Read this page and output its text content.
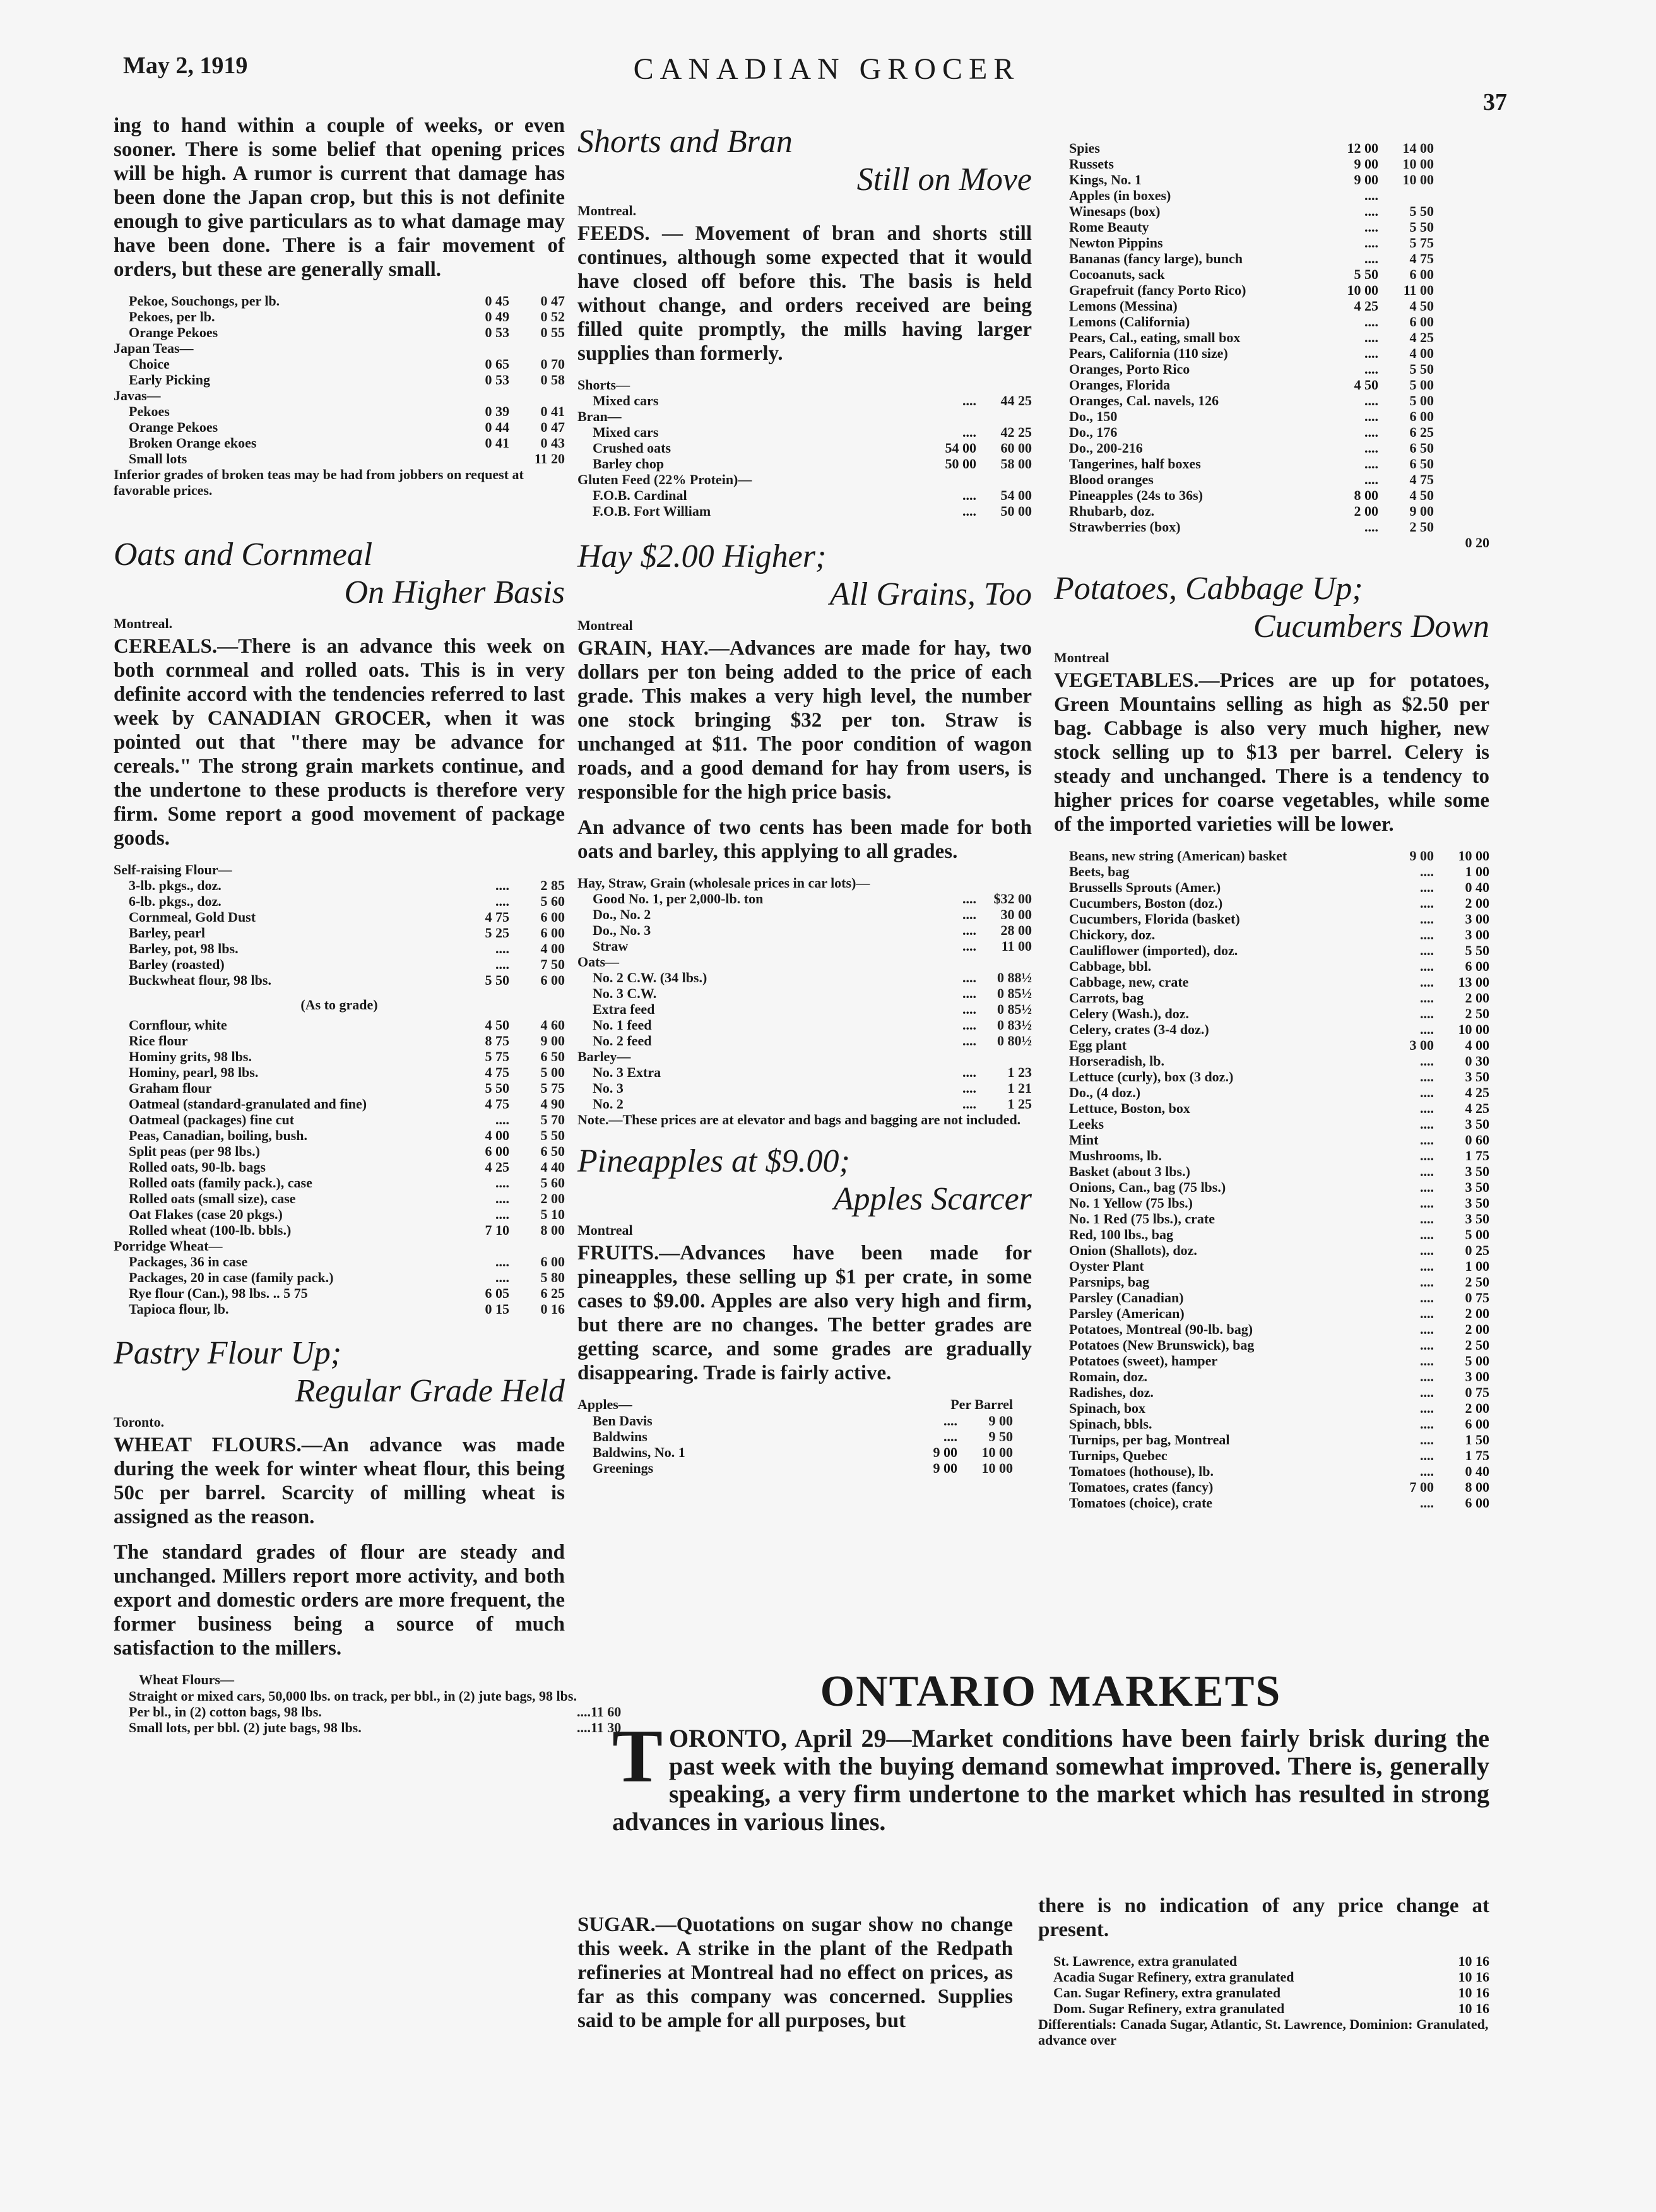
May 2, 1919	CANADIAN GROCER
37

ing to hand within a couple of weeks, or even sooner. There is some belief that opening prices will be high. A rumor is current that damage has been done the Japan crop, but this is not definite enough to give particulars as to what damage may have been done. There is a fair movement of orders, but these are generally small.

Pekoe, Souchongs, per lb.	0 45	0 47
Pekoes, per lb.	0 49	0 52
Orange Pekoes	0 53	0 55
Japan Teas—		
Choice	0 65	0 70
Early Picking	0 53	0 58
Javas—		
Pekoes	0 39	0 41
Orange Pekoes	0 44	0 47
Broken Orange ekoes	0 41	0 43
Small lots		11 20

Inferior grades of broken teas may be had from jobbers on request at favorable prices.

Oats and Cornmeal
On Higher Basis
Montreal.

CEREALS.—There is an advance this week on both cornmeal and rolled oats. This is in very definite accord with the tendencies referred to last week by CANADIAN GROCER, when it was pointed out that "there may be advance for cereals." The strong grain markets continue, and the undertone to these products is therefore very firm. Some report a good movement of package goods.

Self-raising Flour—		
3-lb. pkgs., doz.	....	2 85
6-lb. pkgs., doz.	....	5 60
Cornmeal, Gold Dust	4 75	6 00
Barley, pearl	5 25	6 00
Barley, pot, 98 lbs.	....	4 00
Barley (roasted)	....	7 50
Buckwheat flour, 98 lbs.	5 50	6 00
(As to grade)
Cornflour, white	4 50	4 60
Rice flour	8 75	9 00
Hominy grits, 98 lbs.	5 75	6 50
Hominy, pearl, 98 lbs.	4 75	5 00
Graham flour	5 50	5 75
Oatmeal (standard-granulated and fine)	4 75	4 90
Oatmeal (packages) fine cut	....	5 70
Peas, Canadian, boiling, bush.	4 00	5 50
Split peas (per 98 lbs.)	6 00	6 50
Rolled oats, 90-lb. bags	4 25	4 40
Rolled oats (family pack.), case	....	5 60
Rolled oats (small size), case	....	2 00
Oat Flakes (case 20 pkgs.)	....	5 10
Rolled wheat (100-lb. bbls.)	7 10	8 00
Porridge Wheat—		
Packages, 36 in case	....	6 00
Packages, 20 in case (family pack.)	....	5 80
Rye flour (Can.), 98 lbs. .. 5 75	6 05	6 25
Tapioca flour, lb.	0 15	0 16
Pastry Flour Up;
Regular Grade Held
Toronto.

WHEAT FLOURS.—An advance was made during the week for winter wheat flour, this being 50c per barrel. Scarcity of milling wheat is assigned as the reason.

The standard grades of flour are steady and unchanged. Millers report more activity, and both export and domestic orders are more frequent, the former business being a source of much satisfaction to the millers.

Wheat Flours—
Straight or mixed cars, 50,000 lbs. on track, per bbl., in (2) jute bags, 98 lbs.		
Per bl., in (2) cotton bags, 98 lbs.	....	11 60
Small lots, per bbl. (2) jute bags, 98 lbs.	....	11 30
Shorts and Bran
Still on Move
Montreal.

FEEDS. — Movement of bran and shorts still continues, although some expected that it would have closed off before this. The basis is held without change, and orders received are being filled quite promptly, the mills having larger supplies than formerly.

Shorts—		
Mixed cars	....	44 25
Bran—		
Mixed cars	....	42 25
Crushed oats	54 00	60 00
Barley chop	50 00	58 00
Gluten Feed (22% Protein)—		
F.O.B. Cardinal	....	54 00
F.O.B. Fort William	....	50 00
Hay $2.00 Higher;
All Grains, Too
Montreal

GRAIN, HAY.—Advances are made for hay, two dollars per ton being added to the price of each grade. This makes a very high level, the number one stock bringing $32 per ton. Straw is unchanged at $11. The poor condition of wagon roads, and a good demand for hay from users, is responsible for the high price basis.

An advance of two cents has been made for both oats and barley, this applying to all grades.

Hay, Straw, Grain (wholesale prices in car lots)—		
Good No. 1, per 2,000-lb. ton	....	$32 00
Do., No. 2	....	30 00
Do., No. 3	....	28 00
Straw	....	11 00
Oats—		
No. 2 C.W. (34 lbs.)	....	0 88½
No. 3 C.W.	....	0 85½
Extra feed	....	0 85½
No. 1 feed	....	0 83½
No. 2 feed	....	0 80½
Barley—		
No. 3 Extra	....	1 23
No. 3	....	1 21
No. 2	....	1 25

Note.—These prices are at elevator and bags and bagging are not included.

Pineapples at $9.00;
Apples Scarcer
Montreal

FRUITS.—Advances have been made for pineapples, these selling up $1 per crate, in some cases to $9.00. Apples are also very high and firm, but there are no changes. The better grades are getting scarce, and some grades are gradually disappearing. Trade is fairly active.

Apples—	Per Barrel
Ben Davis	....	9 00
Baldwins	....	9 50
Baldwins, No. 1	9 00	10 00
Greenings	9 00	10 00
Spies	12 00	14 00	
Russets	9 00	10 00	
Kings, No. 1	9 00	10 00	
Apples (in boxes)	....		
Winesaps (box)	....	5 50	
Rome Beauty	....	5 50	
Newton Pippins	....	5 75	
Bananas (fancy large), bunch	....	4 75	
Cocoanuts, sack	5 50	6 00	
Grapefruit (fancy Porto Rico)	10 00	11 00	
Lemons (Messina)	4 25	4 50	
Lemons (California)	....	6 00	
Pears, Cal., eating, small box	....	4 25	
Pears, California (110 size)	....	4 00	
Oranges, Porto Rico	....	5 50	
Oranges, Florida	4 50	5 00	
Oranges, Cal. navels, 126	....	5 00	
Do., 150	....	6 00	
Do., 176	....	6 25	
Do., 200-216	....	6 50	
Tangerines, half boxes	....	6 50	
Blood oranges	....	4 75	
Pineapples (24s to 36s)	8 00	4 50	
Rhubarb, doz.	2 00	9 00	
Strawberries (box)	....	2 50	
0 20
Potatoes, Cabbage Up;
Cucumbers Down
Montreal

VEGETABLES.—Prices are up for potatoes, Green Mountains selling as high as $2.50 per bag. Cabbage is also very much higher, new stock selling up to $13 per barrel. Celery is steady and unchanged. There is a tendency to higher prices for coarse vegetables, while some of the imported varieties will be lower.

Beans, new string (American) basket	9 00	10 00
Beets, bag	....	1 00
Brussells Sprouts (Amer.)	....	0 40
Cucumbers, Boston (doz.)	....	2 00
Cucumbers, Florida (basket)	....	3 00
Chickory, doz.	....	3 00
Cauliflower (imported), doz.	....	5 50
Cabbage, bbl.	....	6 00
Cabbage, new, crate	....	13 00
Carrots, bag	....	2 00
Celery (Wash.), doz.	....	2 50
Celery, crates (3-4 doz.)	....	10 00
Egg plant	3 00	4 00
Horseradish, lb.	....	0 30
Lettuce (curly), box (3 doz.)	....	3 50
Do., (4 doz.)	....	4 25
Lettuce, Boston, box	....	4 25
Leeks	....	3 50
Mint	....	0 60
Mushrooms, lb.	....	1 75
Basket (about 3 lbs.)	....	3 50
Onions, Can., bag (75 lbs.)	....	3 50
No. 1 Yellow (75 lbs.)	....	3 50
No. 1 Red (75 lbs.), crate	....	3 50
Red, 100 lbs., bag	....	5 00
Onion (Shallots), doz.	....	0 25
Oyster Plant	....	1 00
Parsnips, bag	....	2 50
Parsley (Canadian)	....	0 75
Parsley (American)	....	2 00
Potatoes, Montreal (90-lb. bag)	....	2 00
Potatoes (New Brunswick), bag	....	2 50
Potatoes (sweet), hamper	....	5 00
Romain, doz.	....	3 00
Radishes, doz.	....	0 75
Spinach, box	....	2 00
Spinach, bbls.	....	6 00
Turnips, per bag, Montreal	....	1 50
Turnips, Quebec	....	1 75
Tomatoes (hothouse), lb.	....	0 40
Tomatoes, crates (fancy)	7 00	8 00
Tomatoes (choice), crate	....	6 00
ONTARIO MARKETS
T ORONTO, April 29—Market conditions have been fairly brisk during the past week with the buying demand somewhat improved. There is, generally speaking, a very firm undertone to the market which has resulted in strong advances in various lines.

SUGAR.—Quotations on sugar show no change this week. A strike in the plant of the Redpath refineries at Montreal had no effect on prices, as far as this company was concerned. Supplies said to be ample for all purposes, but

there is no indication of any price change at present.

St. Lawrence, extra granulated	10 16
Acadia Sugar Refinery, extra granulated	10 16
Can. Sugar Refinery, extra granulated	10 16
Dom. Sugar Refinery, extra granulated	10 16

Differentials: Canada Sugar, Atlantic, St. Lawrence, Dominion: Granulated, advance over
